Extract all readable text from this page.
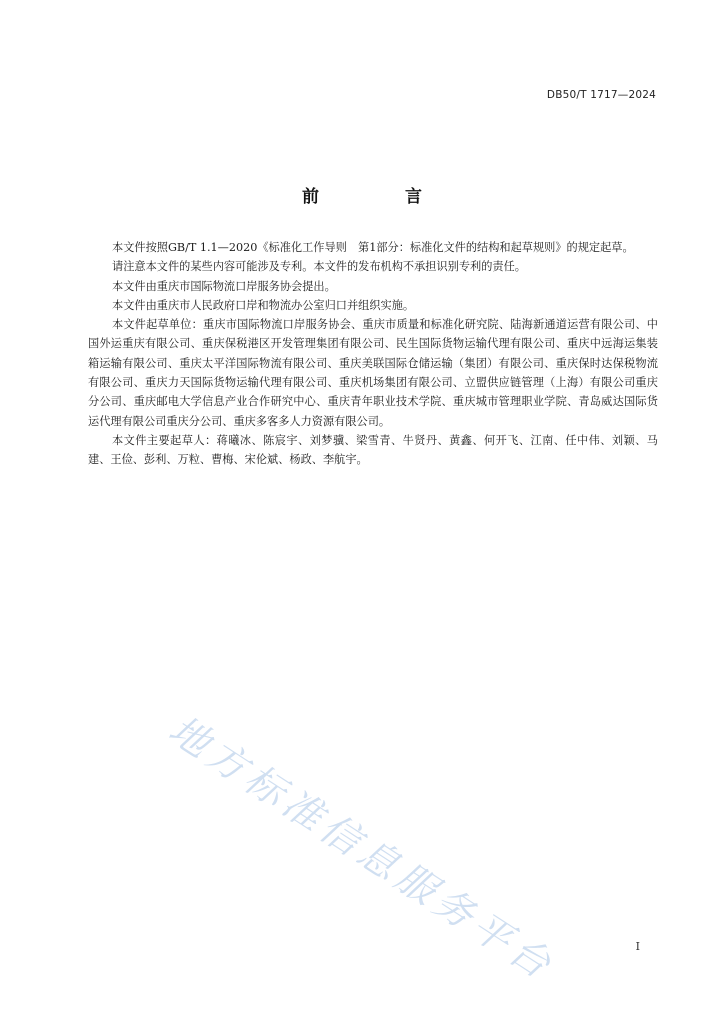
DB50/T 1717—2024
前 言

本文件按照GB/T 1.1—2020《标准化工作导则　第1部分：标准化文件的结构和起草规则》的规定起草。

请注意本文件的某些内容可能涉及专利。本文件的发布机构不承担识别专利的责任。

本文件由重庆市国际物流口岸服务协会提出。

本文件由重庆市人民政府口岸和物流办公室归口并组织实施。

本文件起草单位：重庆市国际物流口岸服务协会、重庆市质量和标准化研究院、陆海新通道运营有限公司、中国外运重庆有限公司、重庆保税港区开发管理集团有限公司、民生国际货物运输代理有限公司、重庆中远海运集装箱运输有限公司、重庆太平洋国际物流有限公司、重庆美联国际仓储运输（集团）有限公司、重庆保时达保税物流有限公司、重庆力天国际货物运输代理有限公司、重庆机场集团有限公司、立盟供应链管理（上海）有限公司重庆分公司、重庆邮电大学信息产业合作研究中心、重庆青年职业技术学院、重庆城市管理职业学院、青岛威达国际货运代理有限公司重庆分公司、重庆多客多人力资源有限公司。

本文件主要起草人：蒋曦冰、陈宸宇、刘梦骥、梁雪青、牛贤丹、黄鑫、何开飞、江南、任中伟、刘颖、马建、王俭、彭利、万粒、曹梅、宋伦斌、杨政、李航宇。

地方标准信息服务平台	I
